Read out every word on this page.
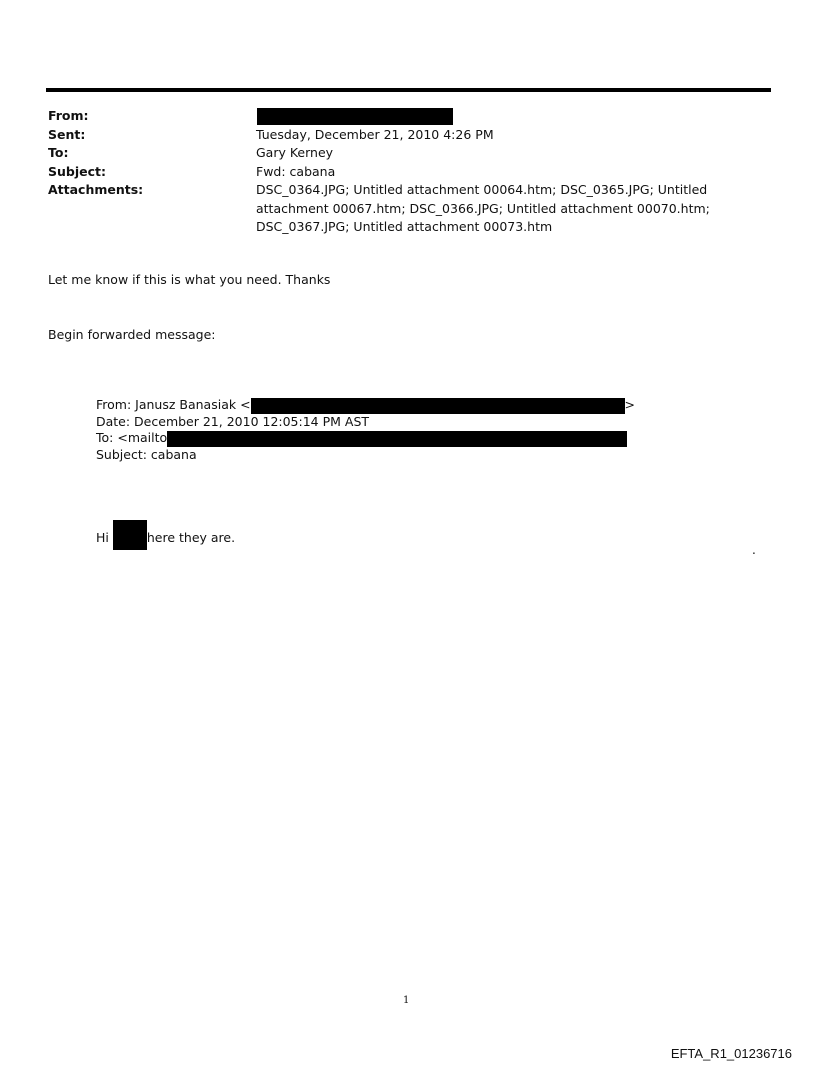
From:
Sent:	Tuesday, December 21, 2010 4:26 PM
To:	Gary Kerney
Subject:	Fwd: cabana
Attachments:	DSC_0364.JPG; Untitled attachment 00064.htm; DSC_0365.JPG; Untitled attachment 00067.htm; DSC_0366.JPG; Untitled attachment 00070.htm; DSC_0367.JPG; Untitled attachment 00073.htm
Let me know if this is what you need. Thanks
Begin forwarded message:
From: Janusz Banasiak <	>
Date: December 21, 2010 12:05:14 PM AST
To: <mailto
Subject: cabana
Hi	here they are.
.
1
EFTA_R1_01236716
